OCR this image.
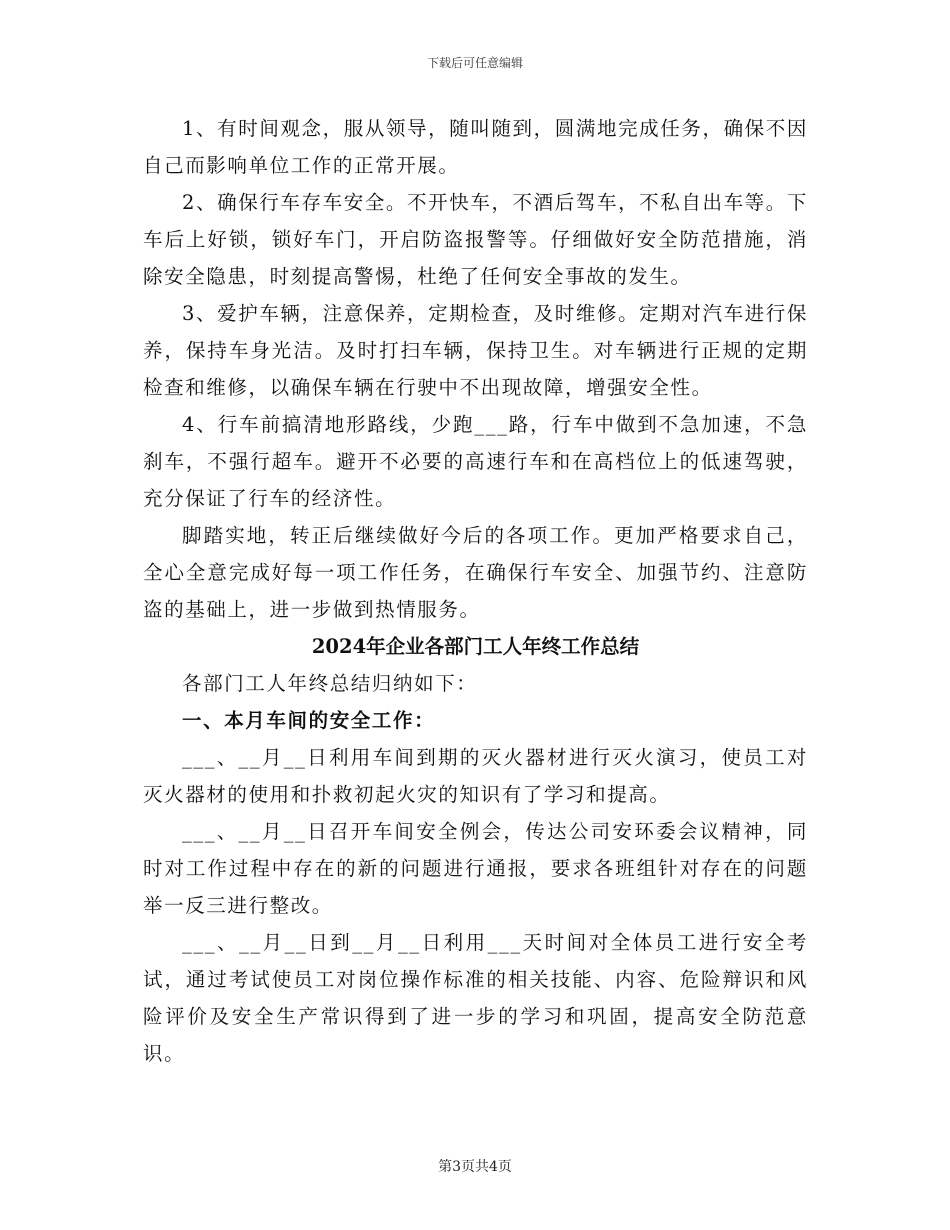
下载后可任意编辑

1、有时间观念，服从领导，随叫随到，圆满地完成任务，确保不因自己而影响单位工作的正常开展。

2、确保行车存车安全。不开快车，不酒后驾车，不私自出车等。下车后上好锁，锁好车门，开启防盗报警等。仔细做好安全防范措施，消除安全隐患，时刻提高警惕，杜绝了任何安全事故的发生。

3、爱护车辆，注意保养，定期检查，及时维修。定期对汽车进行保养，保持车身光洁。及时打扫车辆，保持卫生。对车辆进行正规的定期检查和维修，以确保车辆在行驶中不出现故障，增强安全性。

4、行车前搞清地形路线，少跑___路，行车中做到不急加速，不急刹车，不强行超车。避开不必要的高速行车和在高档位上的低速驾驶，充分保证了行车的经济性。

脚踏实地，转正后继续做好今后的各项工作。更加严格要求自己，全心全意完成好每一项工作任务，在确保行车安全、加强节约、注意防盗的基础上，进一步做到热情服务。

2024年企业各部门工人年终工作总结

各部门工人年终总结归纳如下：

一、本月车间的安全工作：

___、__月__日利用车间到期的灭火器材进行灭火演习，使员工对灭火器材的使用和扑救初起火灾的知识有了学习和提高。

___、__月__日召开车间安全例会，传达公司安环委会议精神，同时对工作过程中存在的新的问题进行通报，要求各班组针对存在的问题举一反三进行整改。

___、__月__日到__月__日利用___天时间对全体员工进行安全考试，通过考试使员工对岗位操作标准的相关技能、内容、危险辩识和风险评价及安全生产常识得到了进一步的学习和巩固，提高安全防范意识。

第3页共4页
